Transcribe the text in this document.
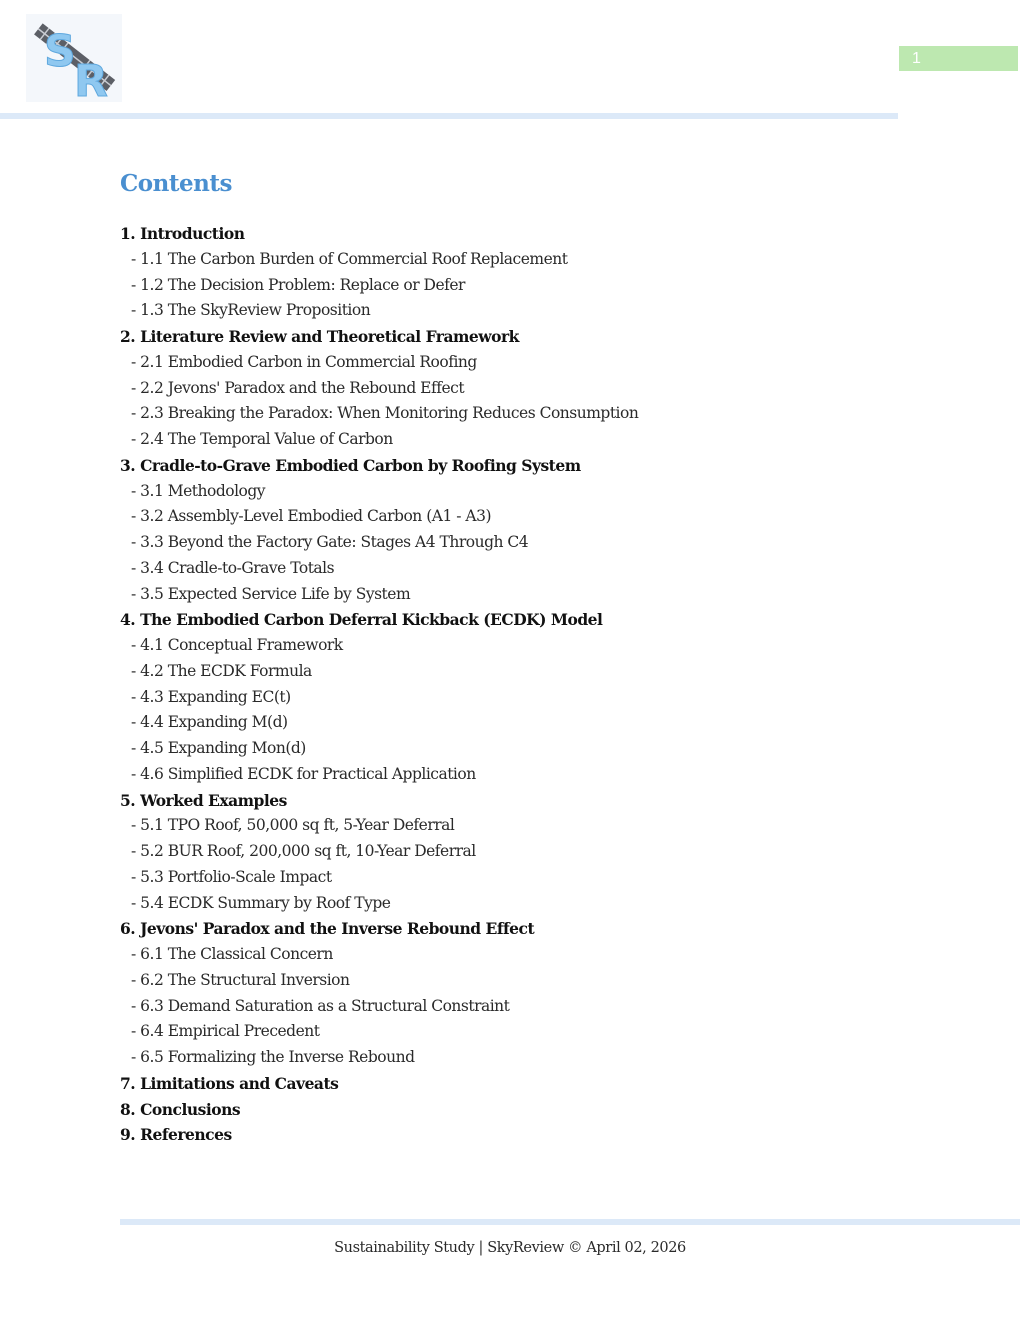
S
R	1
Contents
1. Introduction
- 1.1 The Carbon Burden of Commercial Roof Replacement
- 1.2 The Decision Problem: Replace or Defer
- 1.3 The SkyReview Proposition
2. Literature Review and Theoretical Framework
- 2.1 Embodied Carbon in Commercial Roofing
- 2.2 Jevons' Paradox and the Rebound Effect
- 2.3 Breaking the Paradox: When Monitoring Reduces Consumption
- 2.4 The Temporal Value of Carbon
3. Cradle-to-Grave Embodied Carbon by Roofing System
- 3.1 Methodology
- 3.2 Assembly-Level Embodied Carbon (A1 - A3)
- 3.3 Beyond the Factory Gate: Stages A4 Through C4
- 3.4 Cradle-to-Grave Totals
- 3.5 Expected Service Life by System
4. The Embodied Carbon Deferral Kickback (ECDK) Model
- 4.1 Conceptual Framework
- 4.2 The ECDK Formula
- 4.3 Expanding EC(t)
- 4.4 Expanding M(d)
- 4.5 Expanding Mon(d)
- 4.6 Simplified ECDK for Practical Application
5. Worked Examples
- 5.1 TPO Roof, 50,000 sq ft, 5-Year Deferral
- 5.2 BUR Roof, 200,000 sq ft, 10-Year Deferral
- 5.3 Portfolio-Scale Impact
- 5.4 ECDK Summary by Roof Type
6. Jevons' Paradox and the Inverse Rebound Effect
- 6.1 The Classical Concern
- 6.2 The Structural Inversion
- 6.3 Demand Saturation as a Structural Constraint
- 6.4 Empirical Precedent
- 6.5 Formalizing the Inverse Rebound
7. Limitations and Caveats
8. Conclusions
9. References
Sustainability Study | SkyReview © April 02, 2026
